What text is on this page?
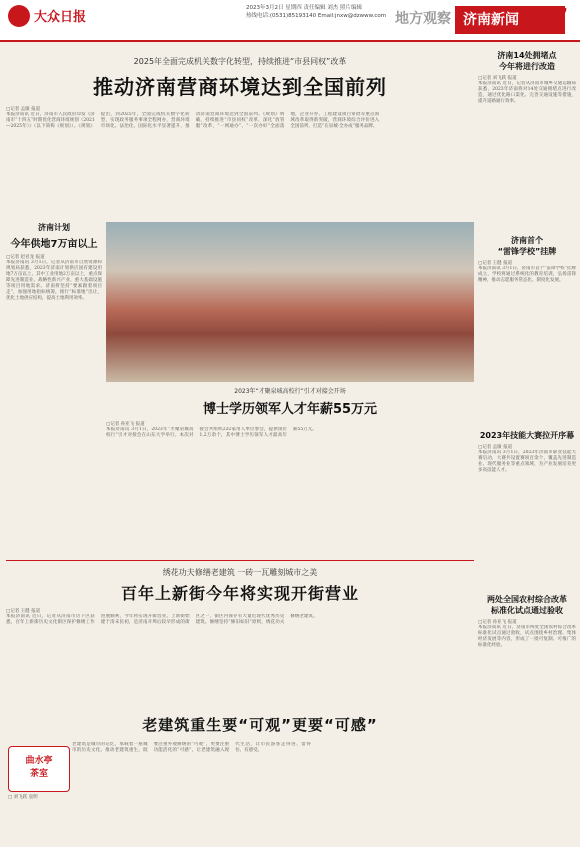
大众日报
2023年3月2日 星期四 责任编辑 刘杰 照片编辑
热线电话:(0531)85193140 Email:jnxw@dzwww.com 地方观察 济南新闻	7
2025年全面完成机关数字化转型，持续推进“市县同权”改革
推动济南营商环境达到全国前列
□记者 孟敏 报道
本报济南讯 近日，济南市人民政府印发《济南市“十四五”时期优化营商环境规划（2021—2025年）》（以下简称《规划》）。《规划》提出，到2025年，全面完成机关数字化转型，实现政务服务事项全程网办，营商环境市场化、法治化、国际化水平显著提升，推动济南营商环境达到全国前列。《规划》明确，持续推进“市县同权”改革，深化“放管服”改革，“一网通办”、“一次办好”全面落地，企业开办、工程建设项目审批等重点领域改革取得新突破，营商环境综合评价进入全国前列，打造“在泉城·全办成”服务品牌。
济南计划
今年供地7万亩以上
□记者 赵君龙 报道
本报济南讯 3月1日，记者从济南市自然资源和规划局获悉，2023年济南计划供应国有建设用地7万亩以上，其中工业用地2万亩以上，重点保障先进制造业、战略性新兴产业、重大基础设施等项目用地需求。济南将坚持“要素跟着项目走”，加强用地指标统筹，推行“标准地”出让，优化土地供应结构，提高土地利用效率。
2023年“才聚泉城高校行”引才对接会开场
博士学历领军人才年薪55万元
□记者 孙亚飞 报道
本报济南讯 3月1日，2023年“才聚泉城高校行”引才对接会在山东大学举行。本次对接会共组织232家用人单位参会，提供岗位1.2万余个，其中博士学历领军人才最高年薪55万元。
绣花功夫修缮老建筑 一砖一瓦雕刻城市之美
百年上新街今年将实现开街营业
□记者 王健 报道
本报济南讯 近日，记者从济南市历下区获悉，百年上新街历史文化街区保护修缮工作进展顺利，今年将实现开街营业。上新街始建于清末民初，是济南开埠后较早形成的街区之一，街区内保存有大量近现代优秀历史建筑。修缮坚持“修旧如旧”原则，绣花功夫修缮老建筑。
老建筑重生要“可观”更要“可感”
曲水亭
茶室
□ 刘飞跃 袁明
老建筑是城市的记忆，承载着一座城市的历史文化。推动老建筑重生，既要注重外观修缮的“可观”，更要注重功能活化的“可感”，让老建筑融入现代生活，让市民游客走得进、留得住、有感受。
济南14处拥堵点
今年将进行改造
□记者 刘飞跃 报道
本报济南讯 近日，记者从济南市城乡交通运输局获悉，2023年济南将对14处交通拥堵点进行改造，通过优化路口渠化、完善交通设施等措施，提升道路通行效率。
济南首个
“雷锋学校”挂牌
□记者 王健 报道
本报济南讯 3月1日，济南市首个“雷锋学校”挂牌成立，学校将通过系统化的教育培训，弘扬雷锋精神，推动志愿服务常态化、制度化发展。
2023年技能大赛拉开序幕
□记者 孟敏 报道
本报济南讯 3月1日，2023年济南市职业技能大赛启动，大赛共设置赛项百余个，覆盖先进制造业、现代服务业等重点领域，为产业发展培育更多高技能人才。
两处全国农村综合改革
标准化试点通过验收
□记者 孙亚飞 报道
本报济南讯 近日，济南市两处全国农村综合改革标准化试点通过验收，试点围绕乡村治理、集体经济发展等内容，形成了一批可复制、可推广的标准化经验。
